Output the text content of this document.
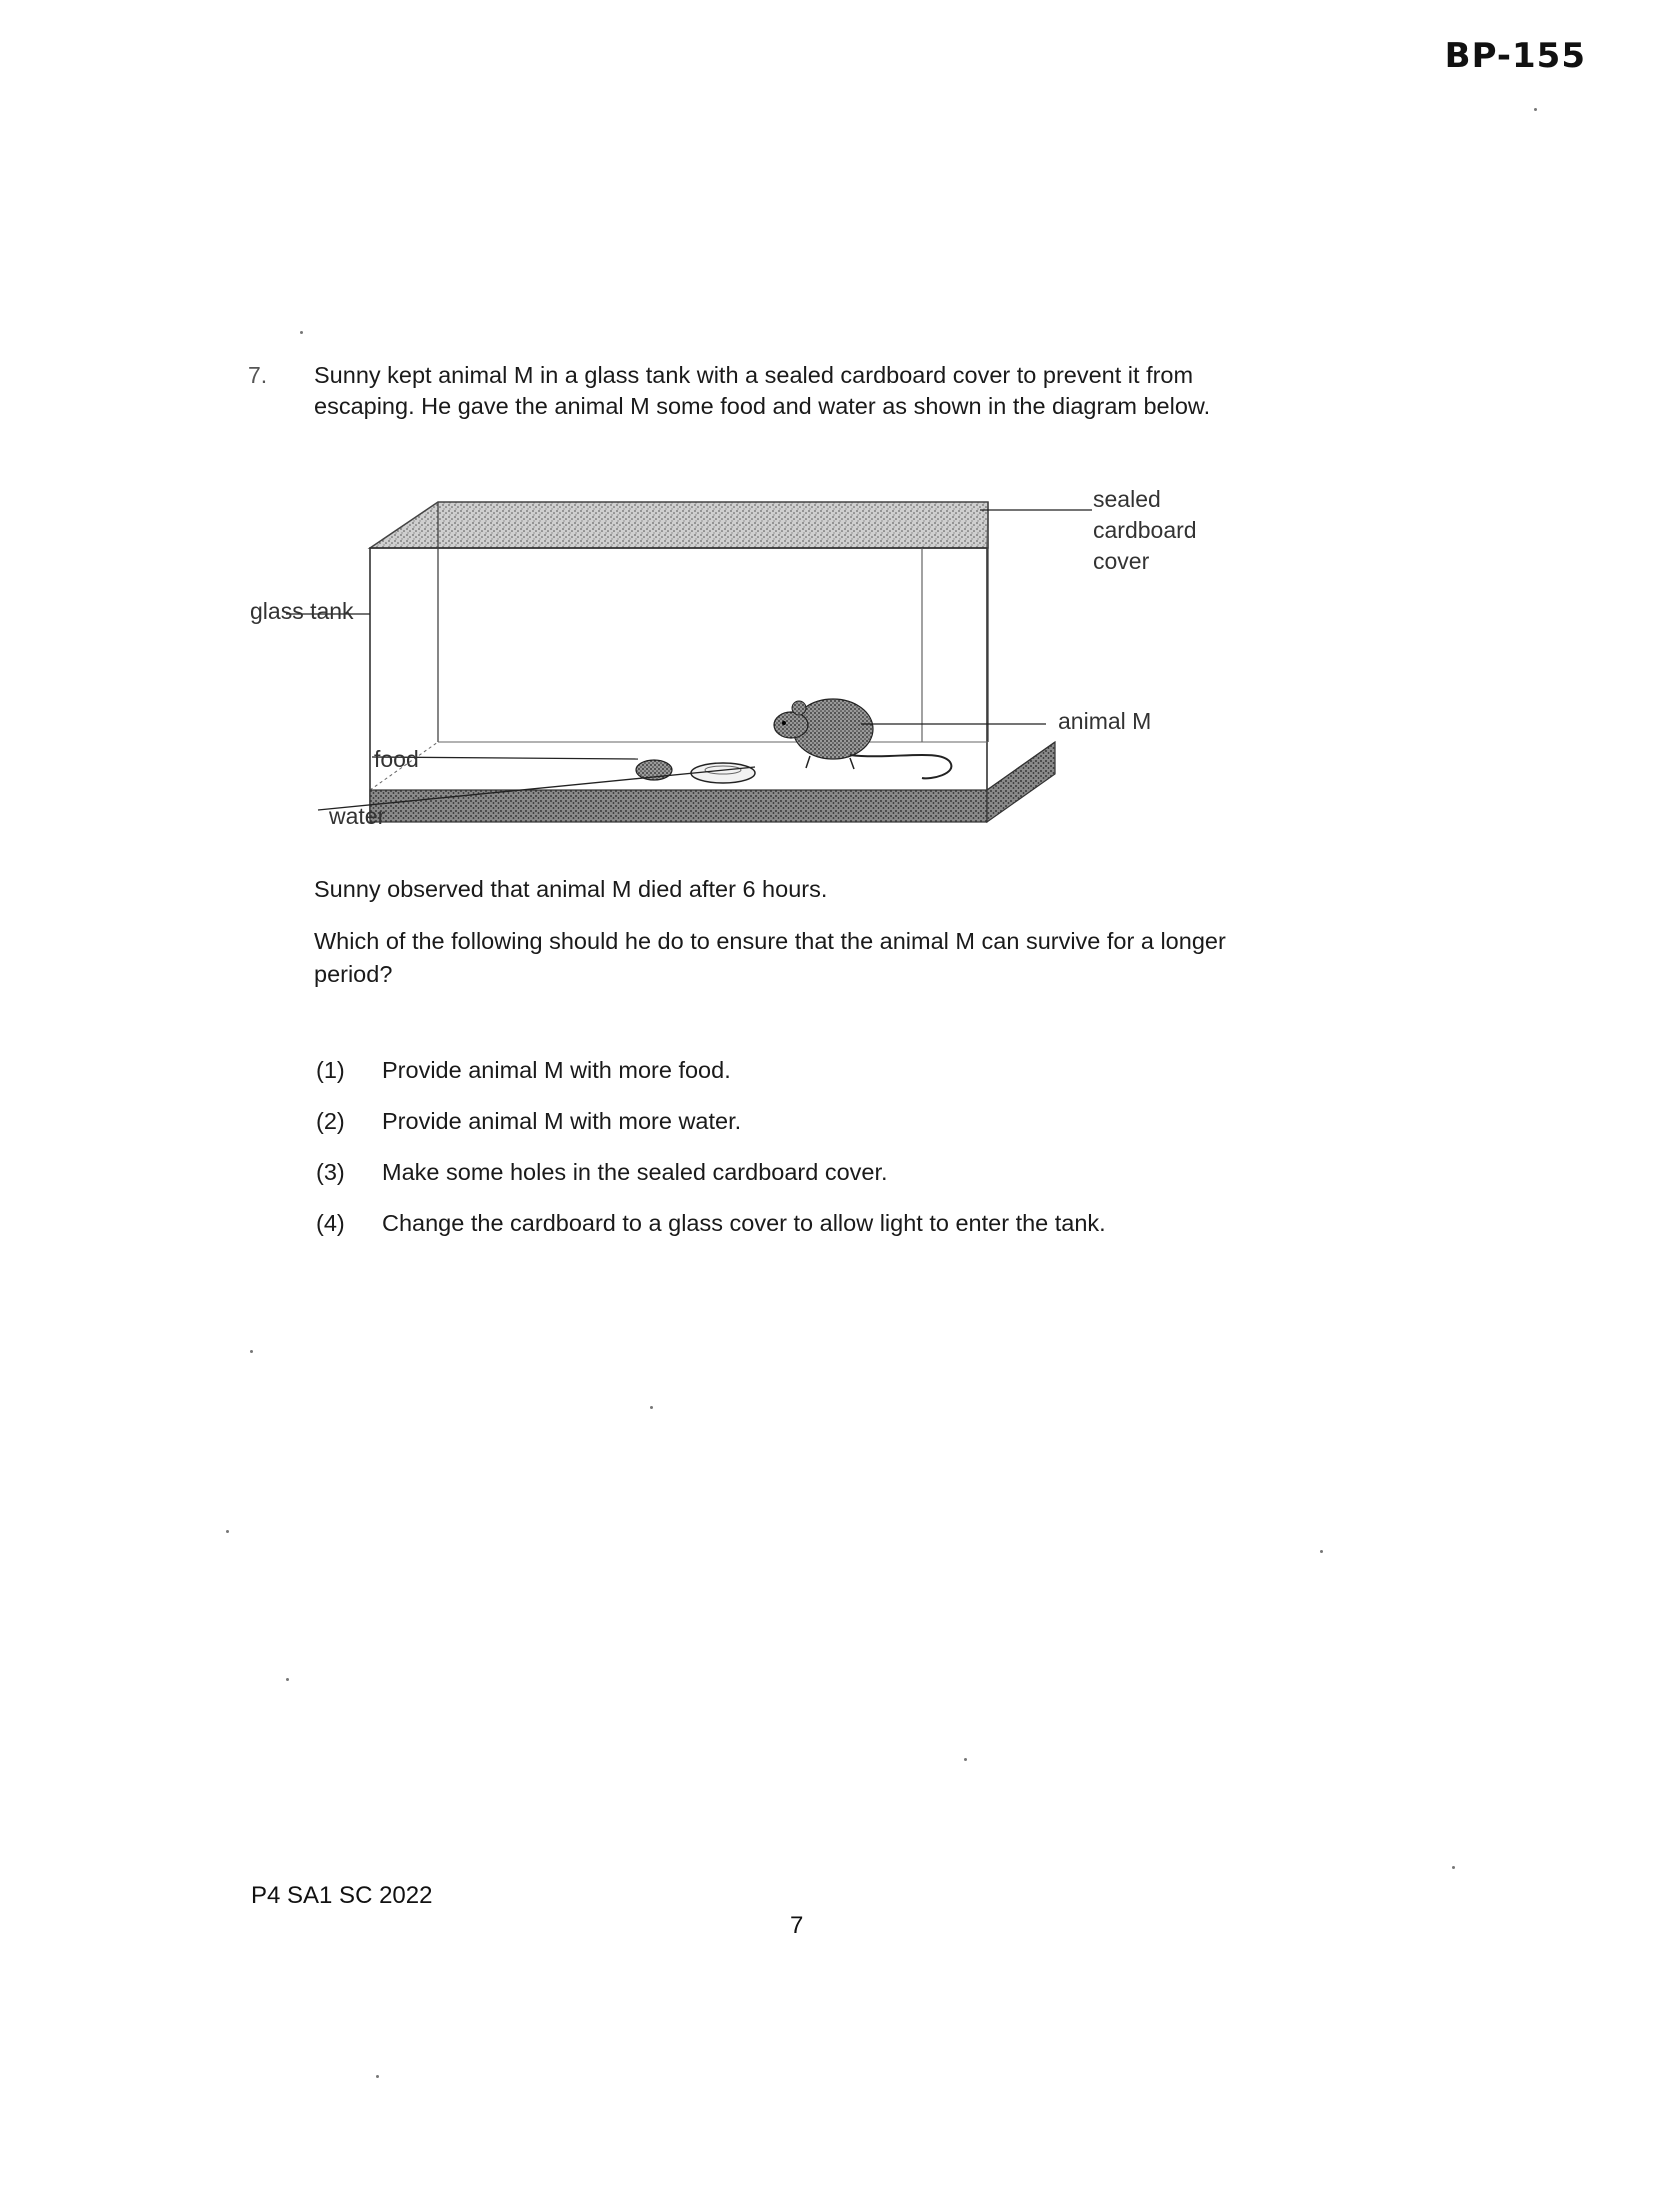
BP-155
7. Sunny kept animal M in a glass tank with a sealed cardboard cover to prevent it from escaping. He gave the animal M some food and water as shown in the diagram below.
sealed
cardboard
cover
glass tank
animal M
food
water
Sunny observed that animal M died after 6 hours.
Which of the following should he do to ensure that the animal M can survive for a longer period?
(1)	Provide animal M with more food.
(2)	Provide animal M with more water.
(3)	Make some holes in the sealed cardboard cover.
(4)	Change the cardboard to a glass cover to allow light to enter the tank.
P4 SA1 SC 2022
7
